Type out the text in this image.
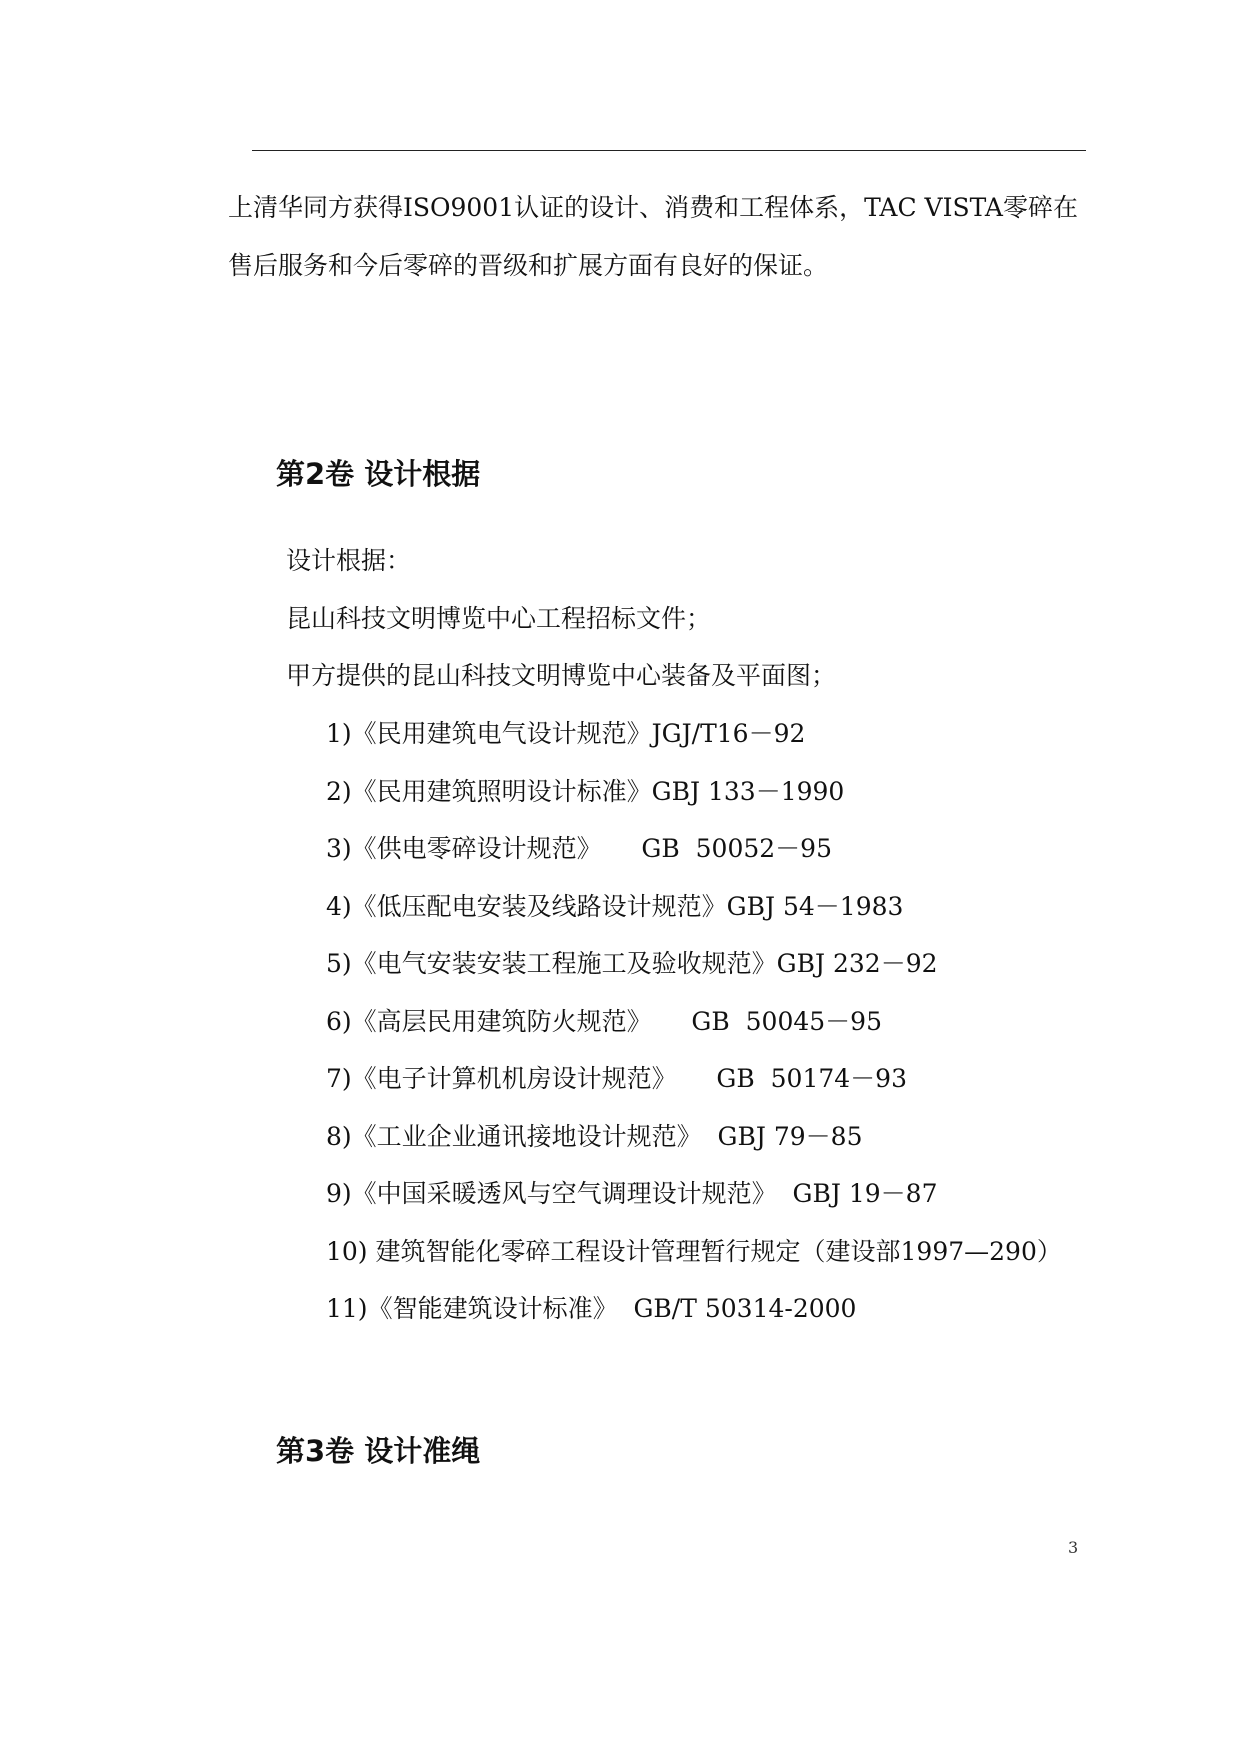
上清华同方获得ISO9001认证的设计、消费和工程体系，TAC VISTA零碎在
售后服务和今后零碎的晋级和扩展方面有良好的保证。
第2卷 设计根据
设计根据：
昆山科技文明博览中心工程招标文件；
甲方提供的昆山科技文明博览中心装备及平面图；
1)《民用建筑电气设计规范》JGJ/T16－92
2)《民用建筑照明设计标准》GBJ 133－1990
3)《供电零碎设计规范》     GB  50052－95
4)《低压配电安装及线路设计规范》GBJ 54－1983
5)《电气安装安装工程施工及验收规范》GBJ 232－92
6)《高层民用建筑防火规范》     GB  50045－95
7)《电子计算机机房设计规范》     GB  50174－93
8)《工业企业通讯接地设计规范》  GBJ 79－85
9)《中国采暖透风与空气调理设计规范》  GBJ 19－87
10) 建筑智能化零碎工程设计管理暂行规定（建设部1997—290）
11)《智能建筑设计标准》  GB/T 50314-2000
第3卷 设计准绳
3
